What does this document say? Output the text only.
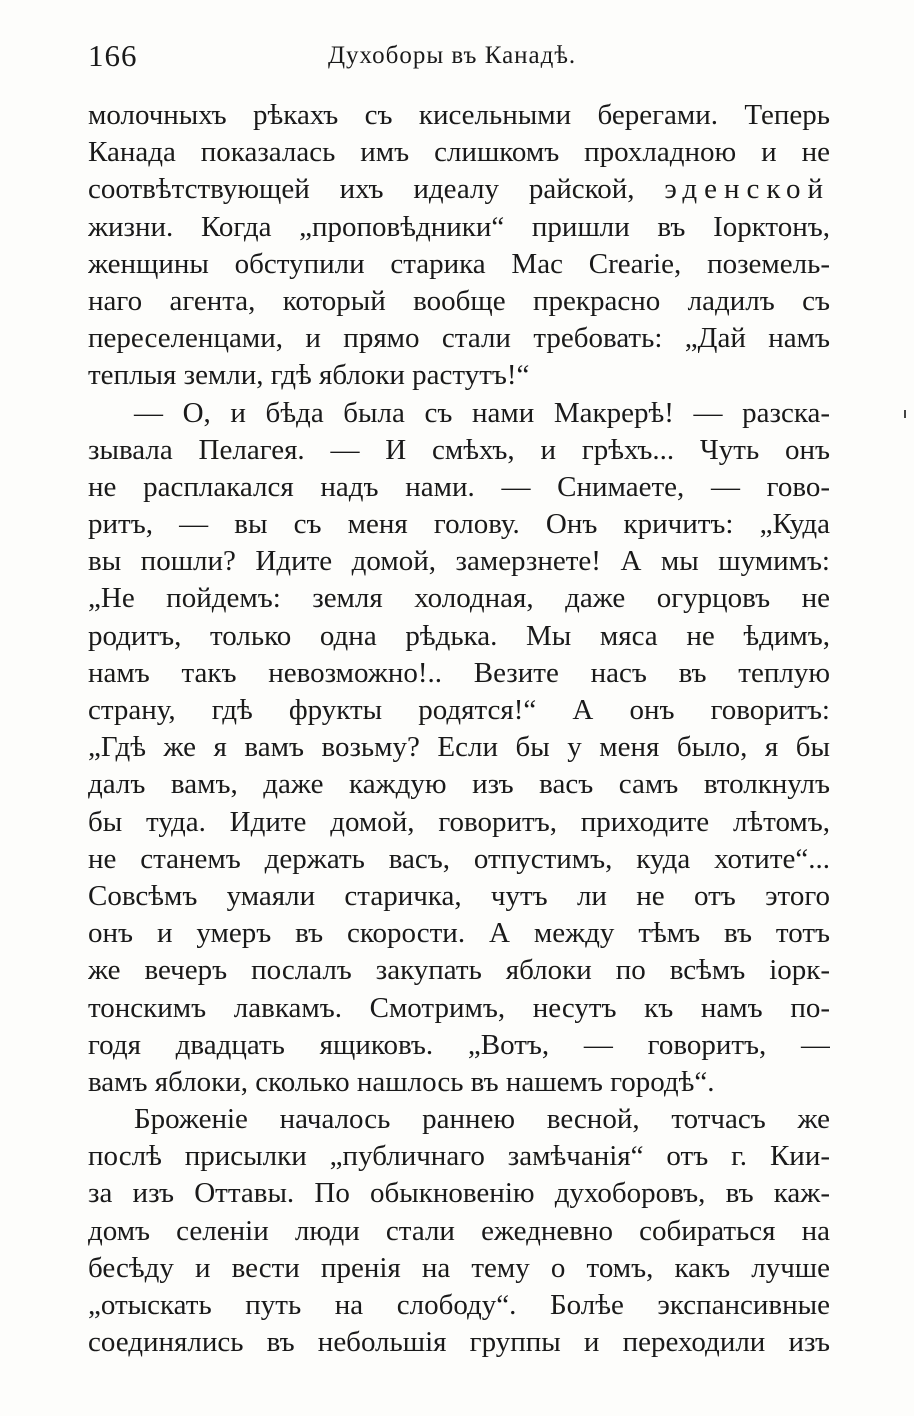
166	Духоборы въ Канадѣ.
молочныхъ рѣкахъ съ кисельными берегами. Теперь
Канада показалась имъ слишкомъ прохладною и не
соотвѣтствующей ихъ идеалу райской, эденской
жизни. Когда „проповѣдники“ пришли въ Іорктонъ,
женщины обступили старика Mac Crearie, поземель-
наго агента, который вообще прекрасно ладилъ съ
переселенцами, и прямо стали требовать: „Дай намъ
теплыя земли, гдѣ яблоки растутъ!“
— О, и бѣда была съ нами Макрерѣ! — разска-
зывала Пелагея. — И смѣхъ, и грѣхъ... Чуть онъ
не расплакался надъ нами. — Снимаете, — гово-
ритъ, — вы съ меня голову. Онъ кричитъ: „Куда
вы пошли? Идите домой, замерзнете! А мы шумимъ:
„Не пойдемъ: земля холодная, даже огурцовъ не
родитъ, только одна рѣдька. Мы мяса не ѣдимъ,
намъ такъ невозможно!.. Везите насъ въ теплую
страну, гдѣ фрукты родятся!“ А онъ говоритъ:
„Гдѣ же я вамъ возьму? Если бы у меня было, я бы
далъ вамъ, даже каждую изъ васъ самъ втолкнулъ
бы туда. Идите домой, говоритъ, приходите лѣтомъ,
не станемъ держать васъ, отпустимъ, куда хотите“...
Совсѣмъ умаяли старичка, чутъ ли не отъ этого
онъ и умеръ въ скорости. А между тѣмъ въ тотъ
же вечеръ послалъ закупать яблоки по всѣмъ іорк-
тонскимъ лавкамъ. Смотримъ, несутъ къ намъ по-
годя двадцать ящиковъ. „Вотъ, — говоритъ, —
вамъ яблоки, сколько нашлось въ нашемъ городѣ“.
Броженіе началось раннею весной, тотчасъ же
послѣ присылки „публичнаго замѣчанія“ отъ г. Кии-
за изъ Оттавы. По обыкновенію духоборовъ, въ каж-
домъ селеніи люди стали ежедневно собираться на
бесѣду и вести пренія на тему о томъ, какъ лучше
„отыскать путь на слободу“. Болѣе экспансивные
соединялись въ небольшія группы и переходили изъ
